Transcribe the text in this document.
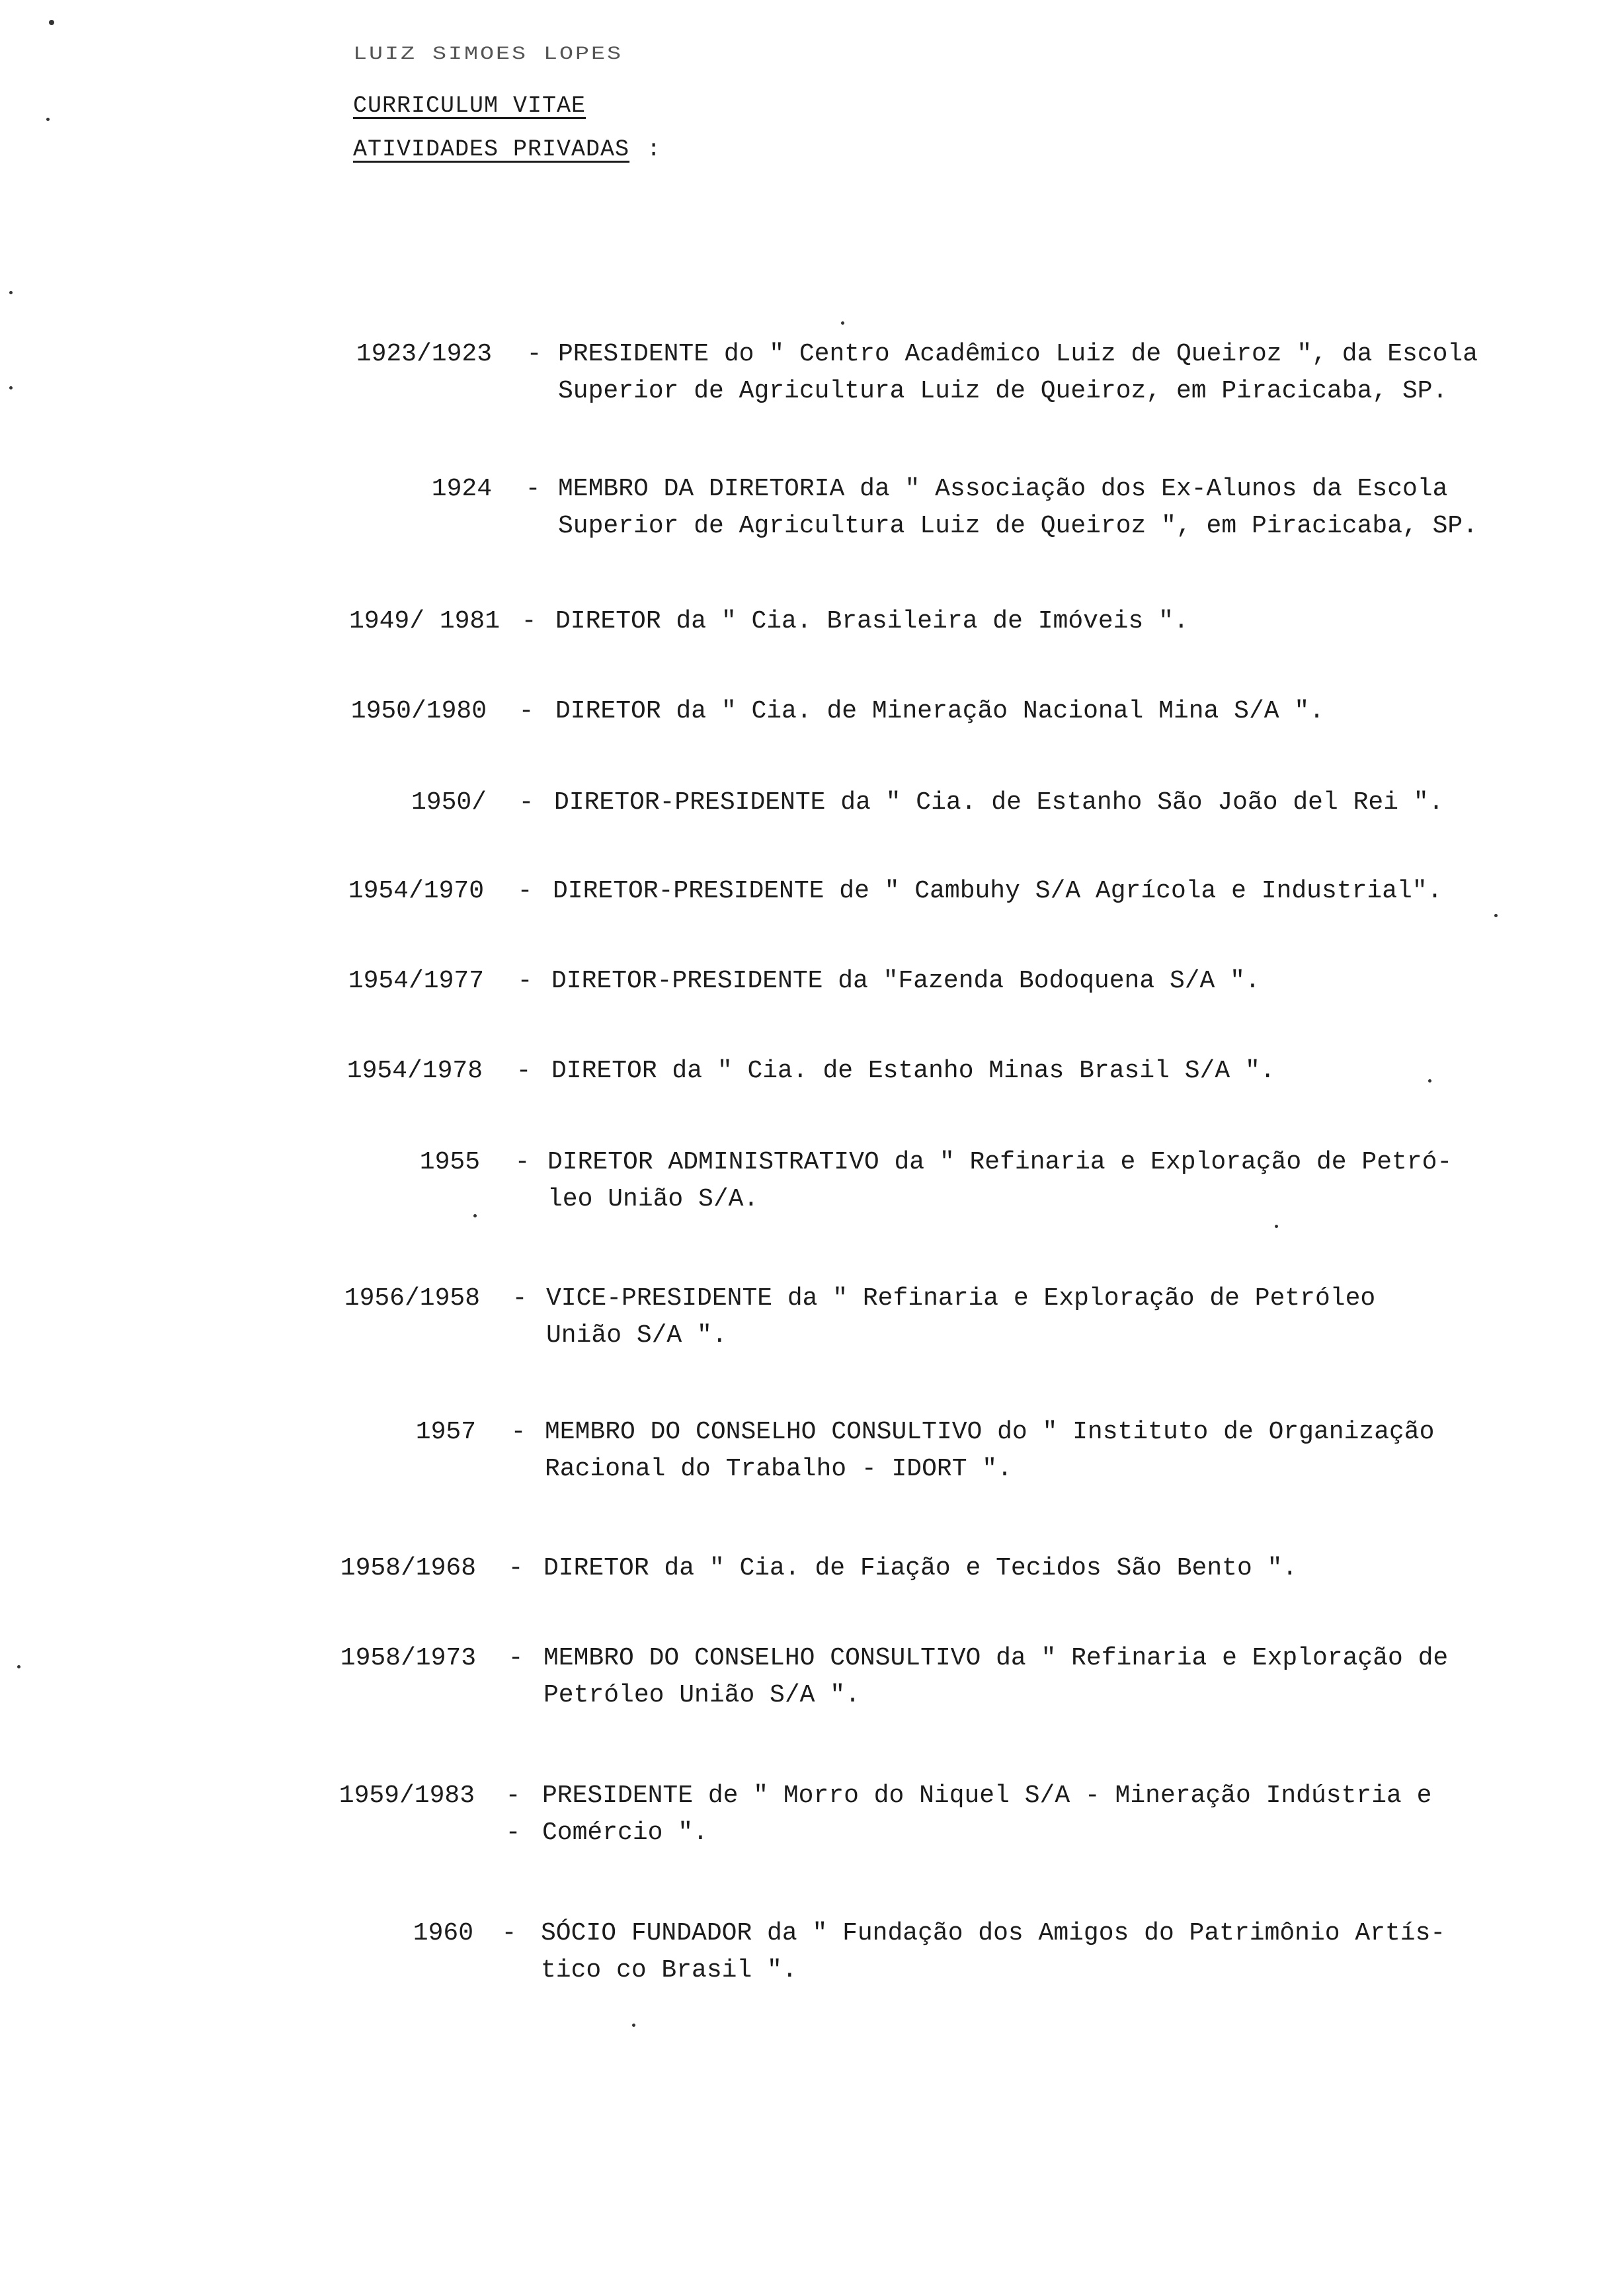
LUIZ SIMOES LOPES
CURRICULUM VITAE
ATIVIDADES PRIVADAS :
1923/1923 - PRESIDENTE do " Centro Acadêmico Luiz de Queiroz ", da Escola
Superior de Agricultura Luiz de Queiroz, em Piracicaba, SP.
1924 - MEMBRO DA DIRETORIA da " Associação dos Ex-Alunos da Escola
Superior de Agricultura Luiz de Queiroz ", em Piracicaba, SP.
1949/ 1981 - DIRETOR da " Cia. Brasileira de Imóveis ".
1950/1980 - DIRETOR da " Cia. de Mineração Nacional Mina S/A ".
1950/ - DIRETOR-PRESIDENTE da " Cia. de Estanho São João del Rei ".
1954/1970 - DIRETOR-PRESIDENTE de " Cambuhy S/A Agrícola e Industrial".
1954/1977 - DIRETOR-PRESIDENTE da "Fazenda Bodoquena S/A ".
1954/1978 - DIRETOR da " Cia. de Estanho Minas Brasil S/A ".
1955 - DIRETOR ADMINISTRATIVO da " Refinaria e Exploração de Petró-
leo União S/A.
1956/1958 - VICE-PRESIDENTE da " Refinaria e Exploração de Petróleo
União S/A ".
1957 - MEMBRO DO CONSELHO CONSULTIVO do " Instituto de Organização
Racional do Trabalho - IDORT ".
1958/1968 - DIRETOR da " Cia. de Fiação e Tecidos São Bento ".
1958/1973 - MEMBRO DO CONSELHO CONSULTIVO da " Refinaria e Exploração de
Petróleo União S/A ".
1959/1983 --
PRESIDENTE de " Morro do Niquel S/A - Mineração Indústria e
Comércio ".
1960 - SÓCIO FUNDADOR da " Fundação dos Amigos do Patrimônio Artís-
tico co Brasil ".
